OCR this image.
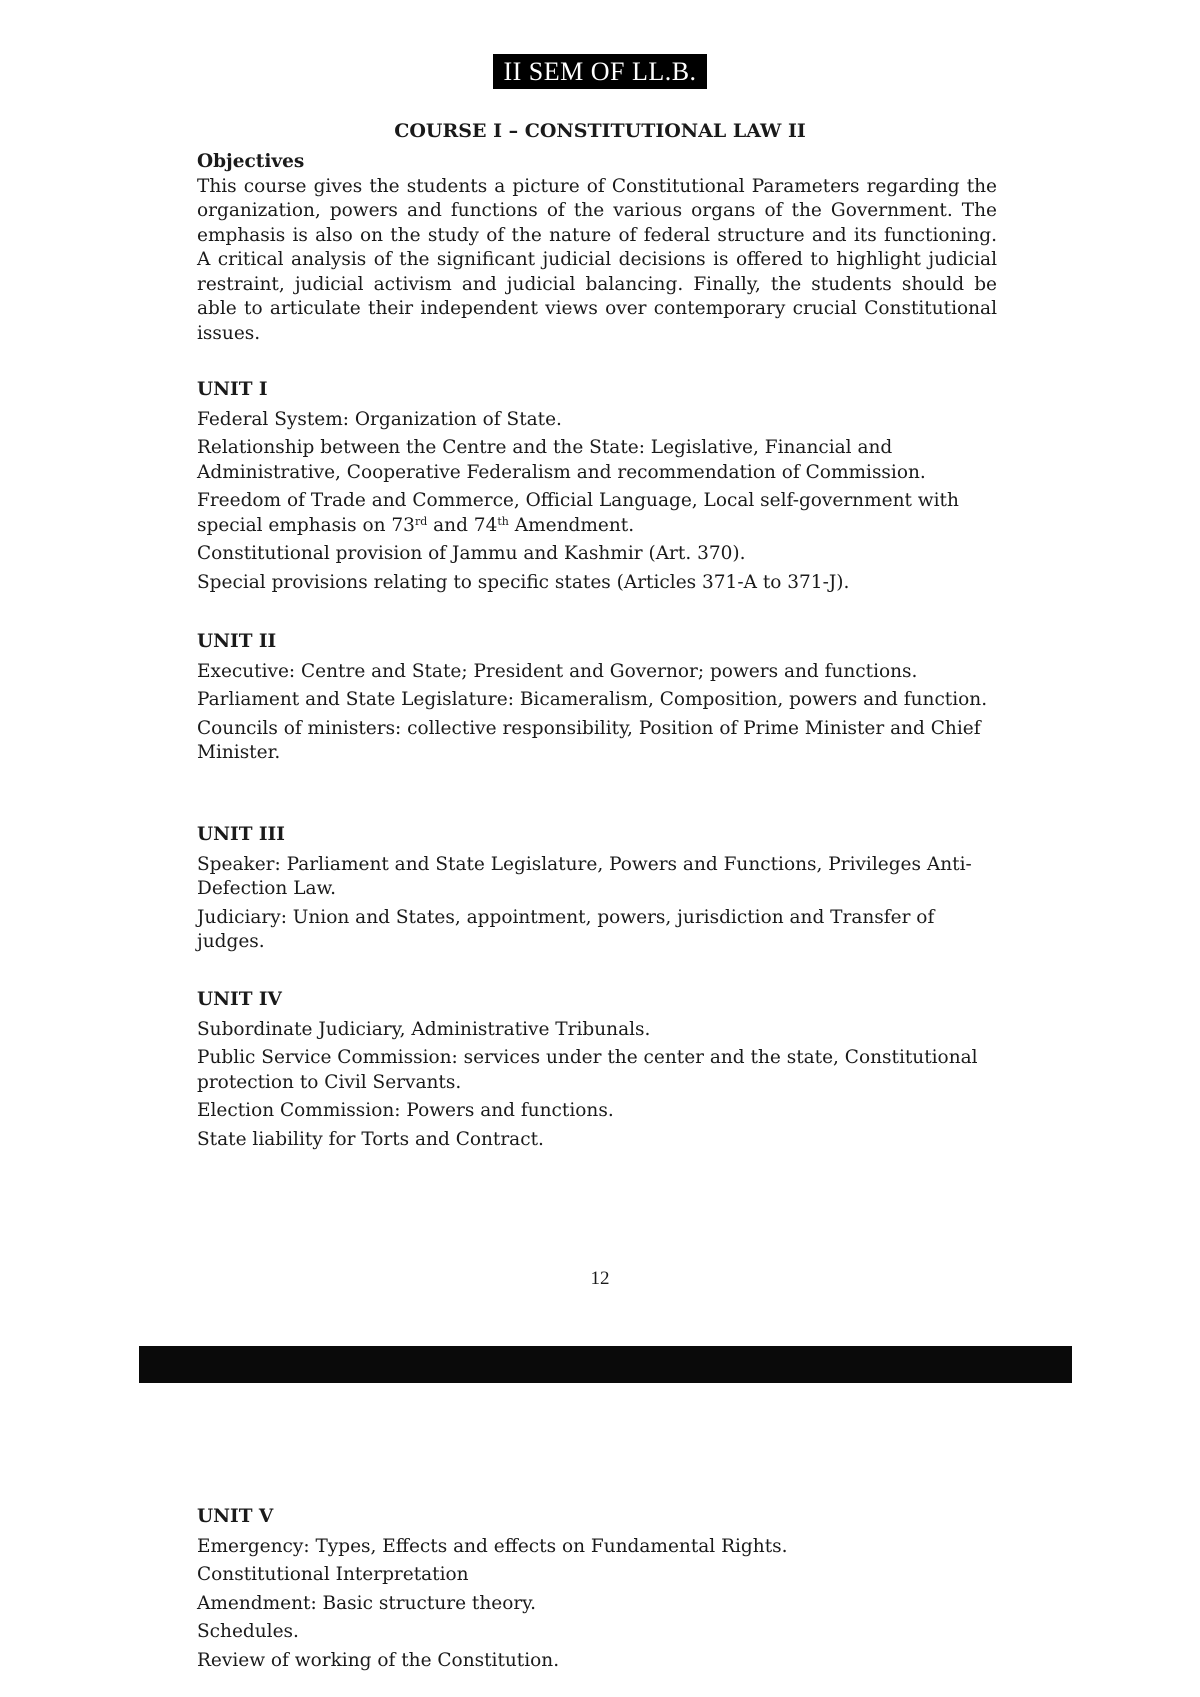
II SEM OF LL.B.
COURSE I – CONSTITUTIONAL LAW II
Objectives
This course gives the students a picture of Constitutional Parameters regarding the organization, powers and functions of the various organs of the Government. The emphasis is also on the study of the nature of federal structure and its functioning. A critical analysis of the significant judicial decisions is offered to highlight judicial restraint, judicial activism and judicial balancing. Finally, the students should be able to articulate their independent views over contemporary crucial Constitutional issues.
UNIT I
Federal System: Organization of State.
Relationship between the Centre and the State: Legislative, Financial and Administrative, Cooperative Federalism and recommendation of Commission.
Freedom of Trade and Commerce, Official Language, Local self-government with special emphasis on 73rd and 74th Amendment.
Constitutional provision of Jammu and Kashmir (Art. 370).
Special provisions relating to specific states (Articles 371-A to 371-J).
UNIT II
Executive: Centre and State; President and Governor; powers and functions.
Parliament and State Legislature: Bicameralism, Composition, powers and function.
Councils of ministers: collective responsibility, Position of Prime Minister and Chief Minister.
UNIT III
Speaker: Parliament and State Legislature, Powers and Functions, Privileges Anti-Defection Law.
Judiciary: Union and States, appointment, powers, jurisdiction and Transfer of judges.
UNIT IV
Subordinate Judiciary, Administrative Tribunals.
Public Service Commission: services under the center and the state, Constitutional protection to Civil Servants.
Election Commission: Powers and functions.
State liability for Torts and Contract.
12
UNIT V
Emergency: Types, Effects and effects on Fundamental Rights.
Constitutional Interpretation
Amendment: Basic structure theory.
Schedules.
Review of working of the Constitution.
